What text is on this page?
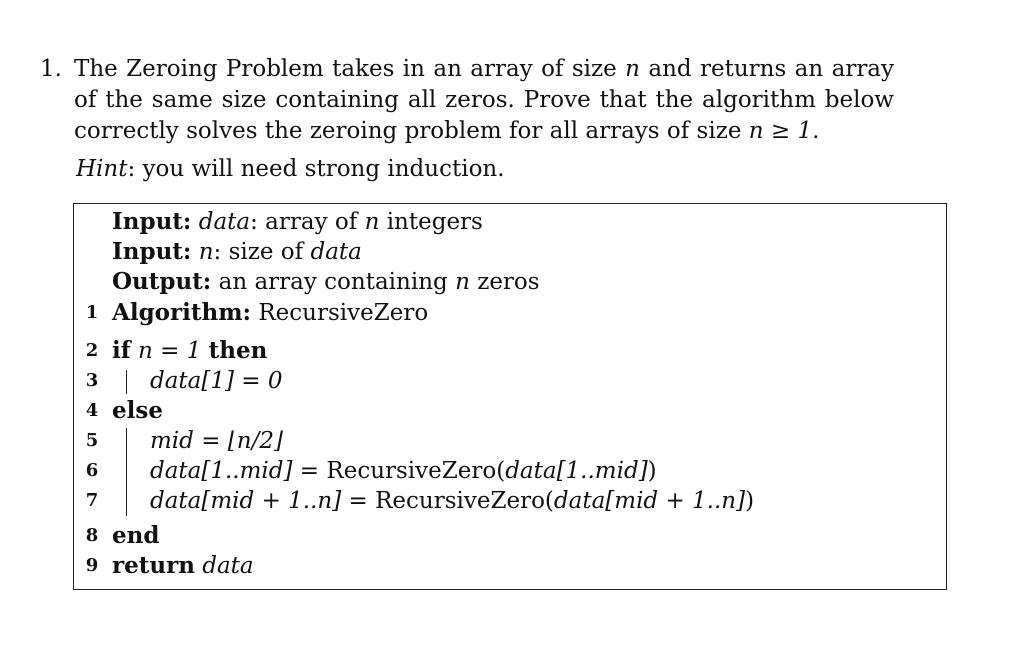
1. The Zeroing Problem takes in an array of size n and returns an array of the same size containing all zeros. Prove that the algorithm below correctly solves the zeroing problem for all arrays of size n ≥ 1.
Hint: you will need strong induction.
Input: data: array of n integers
Input: n: size of data
Output: an array containing n zeros
1 Algorithm: RecursiveZero
2 if n = 1 then
3 data[1] = 0
4 else
5 mid = ⌊n/2⌋
6 data[1..mid] = RecursiveZero(data[1..mid])
7 data[mid + 1..n] = RecursiveZero(data[mid + 1..n])
8 end
9 return data
